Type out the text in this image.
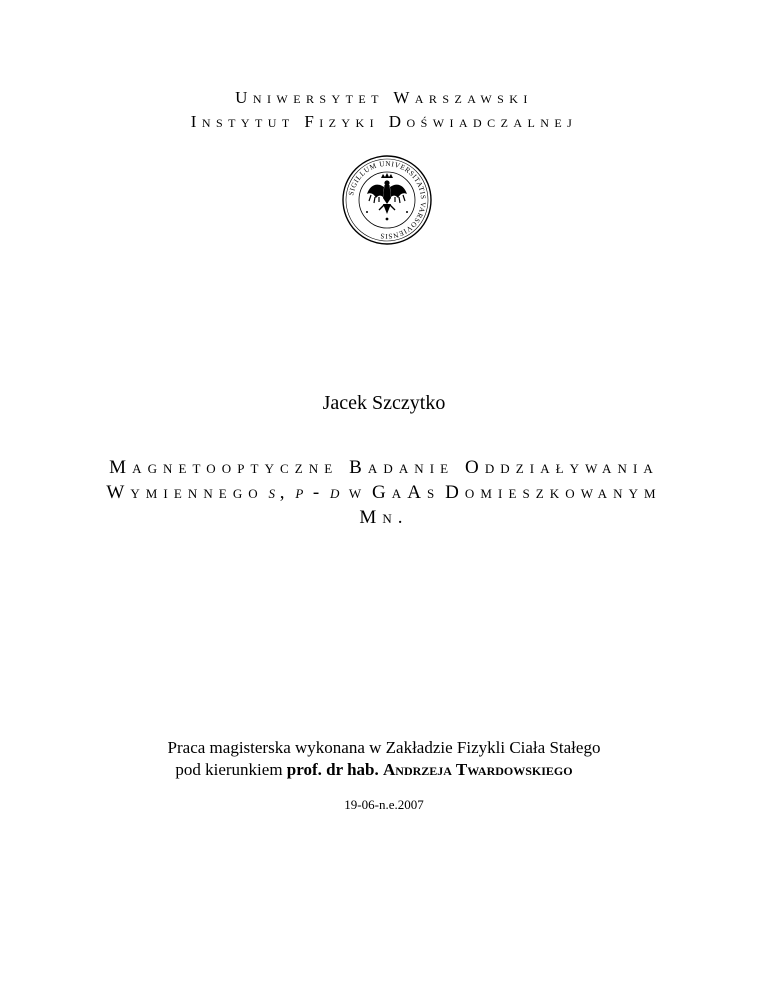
Uniwersytet Warszawski
Instytut Fizyki Doświadczalnej
SIGILLUM UNIVERSITATIS VARSOVIENSIS
Jacek Szczytko
Magnetooptyczne Badanie Oddziaływania
Wymiennego s, p - d w GaAs Domieszkowanym
Mn.
Praca magisterska wykonana w Zakładzie Fizykli Ciała Stałego
pod kierunkiem prof. dr hab. Andrzeja Twardowskiego
19-06-n.e.2007
